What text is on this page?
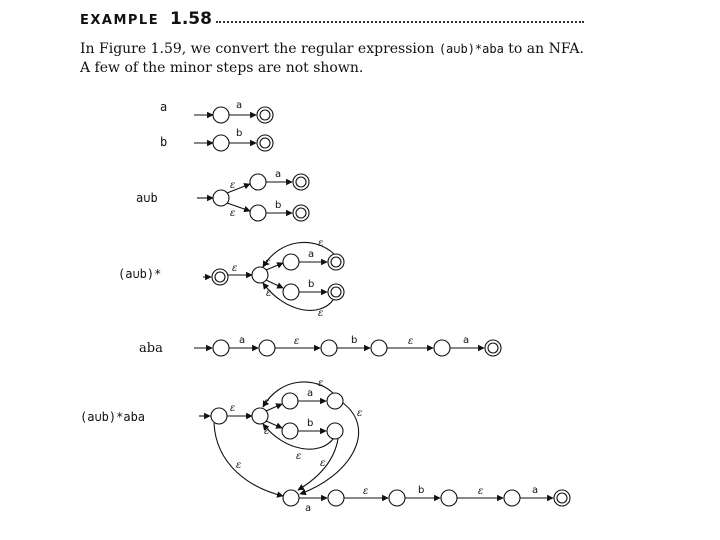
EXAMPLE 1.58
In Figure 1.59, we convert the regular expression (a∪b)*aba to an NFA. A few of the minor steps are not shown.
a	a
b
b
a∪b
ε
ε
a
b
(a∪b)*	ε
ε
ε
a
b
ε
ε
aba
a	ε	b	ε	a
(a∪b)*aba
ε
ε
ε
a
b
ε
ε
ε
ε
ε
a
ε	b	ε	a
